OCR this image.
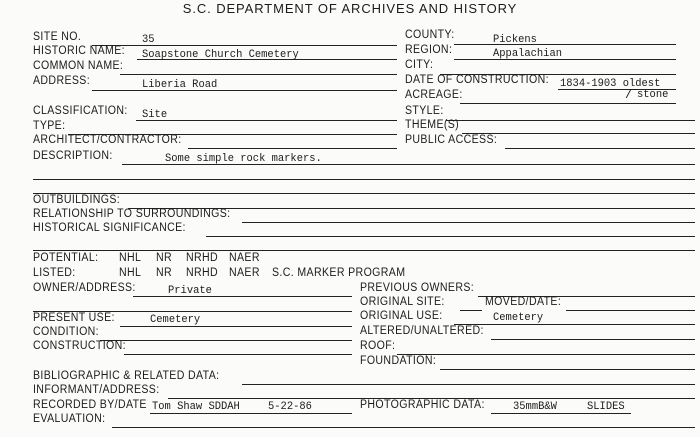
S.C. DEPARTMENT OF ARCHIVES AND HISTORY
SITE NO.	35
HISTORIC NAME: Soapstone Church Cemetery
COMMON NAME:
ADDRESS:	Liberia Road
COUNTY:	Pickens
REGION:	Appalachian
CITY:
DATE OF CONSTRUCTION: 1834-1903 oldest
ACREAGE:	/ stone
CLASSIFICATION: Site
TYPE:
ARCHITECT/CONTRACTOR:
STYLE:
THEME(S)
PUBLIC ACCESS:
DESCRIPTION:	Some simple rock markers.
OUTBUILDINGS:
RELATIONSHIP TO SURROUNDINGS:
HISTORICAL SIGNIFICANCE:
POTENTIAL: NHL NR NRHD NAER
LISTED:	NHL NR NRHD NAER S.C. MARKER PROGRAM
OWNER/ADDRESS:	Private	PREVIOUS OWNERS:
ORIGINAL SITE:	MOVED/DATE:
PRESENT USE:	Cemetery	ORIGINAL USE:	Cemetery
CONDITION:	ALTERED/UNALTERED:
CONSTRUCTION:	ROOF:
FOUNDATION:
BIBLIOGRAPHIC & RELATED DATA:
INFORMANT/ADDRESS:
RECORDED BY/DATE Tom Shaw SDDAH	5-22-86	PHOTOGRAPHIC DATA:	35mmB&W	SLIDES
EVALUATION:
